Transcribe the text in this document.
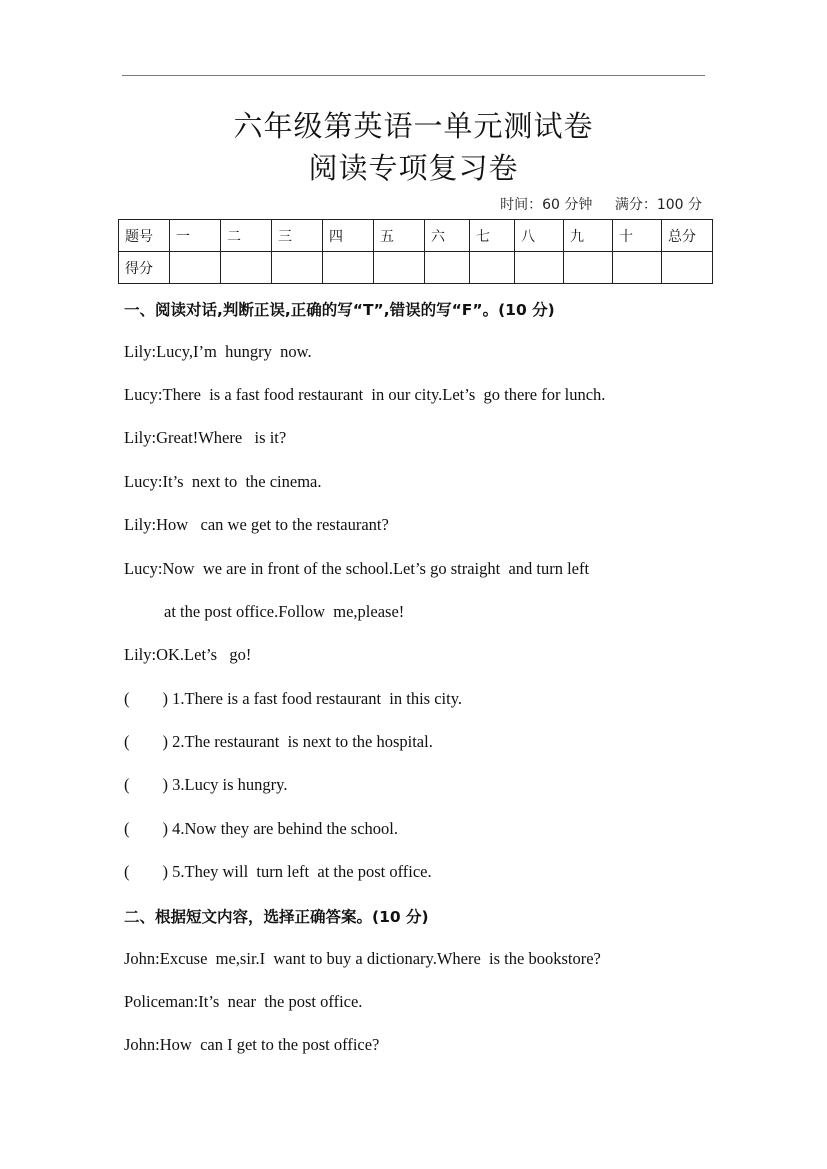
六年级第英语一单元测试卷
阅读专项复习卷
时间：60 分钟 满分：100 分
题号	一	二	三	四	五	六	七	八	九	十	总分
得分											
一、阅读对话,判断正误,正确的写“T”,错误的写“F”。(10 分)
Lily:Lucy,I’m  hungry  now.
Lucy:There  is a fast food restaurant  in our city.Let’s  go there for lunch.
Lily:Great!Where   is it?
Lucy:It’s  next to  the cinema.
Lily:How   can we get to the restaurant?
Lucy:Now  we are in front of the school.Let’s go straight  and turn left
at the post office.Follow  me,please!
Lily:OK.Let’s   go!
(        ) 1.There is a fast food restaurant  in this city.
(        ) 2.The restaurant  is next to the hospital.
(        ) 3.Lucy is hungry.
(        ) 4.Now they are behind the school.
(        ) 5.They will  turn left  at the post office.
二、根据短文内容，选择正确答案。(10 分)
John:Excuse  me,sir.I  want to buy a dictionary.Where  is the bookstore?
Policeman:It’s  near  the post office.
John:How  can I get to the post office?
